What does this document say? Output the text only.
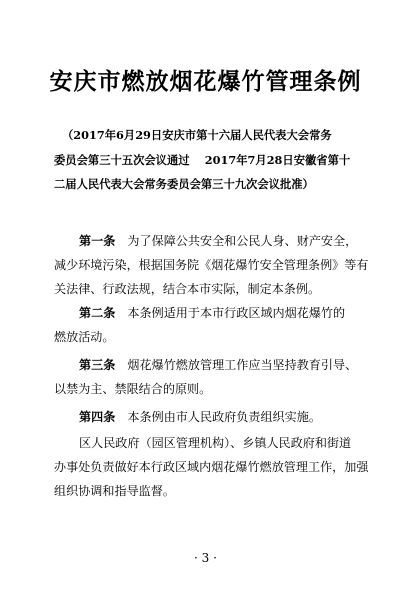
安庆市燃放烟花爆竹管理条例
（2017年6月29日安庆市第十六届人民代表大会常务
委员会第三十五次会议通过　 2017年7月28日安徽省第十
二届人民代表大会常务委员会第三十九次会议批准）
第一条　 为了保障公共安全和公民人身、财产安全，
减少环境污染，根据国务院《烟花爆竹安全管理条例》等有
关法律、行政法规，结合本市实际，制定本条例。
第二条　 本条例适用于本市行政区域内烟花爆竹的
燃放活动。
第三条　 烟花爆竹燃放管理工作应当坚持教育引导、
以禁为主、禁限结合的原则。
第四条　 本条例由市人民政府负责组织实施。
区人民政府（园区管理机构）、乡镇人民政府和街道
办事处负责做好本行政区域内烟花爆竹燃放管理工作，加强
组织协调和指导监督。
· 3 ·
